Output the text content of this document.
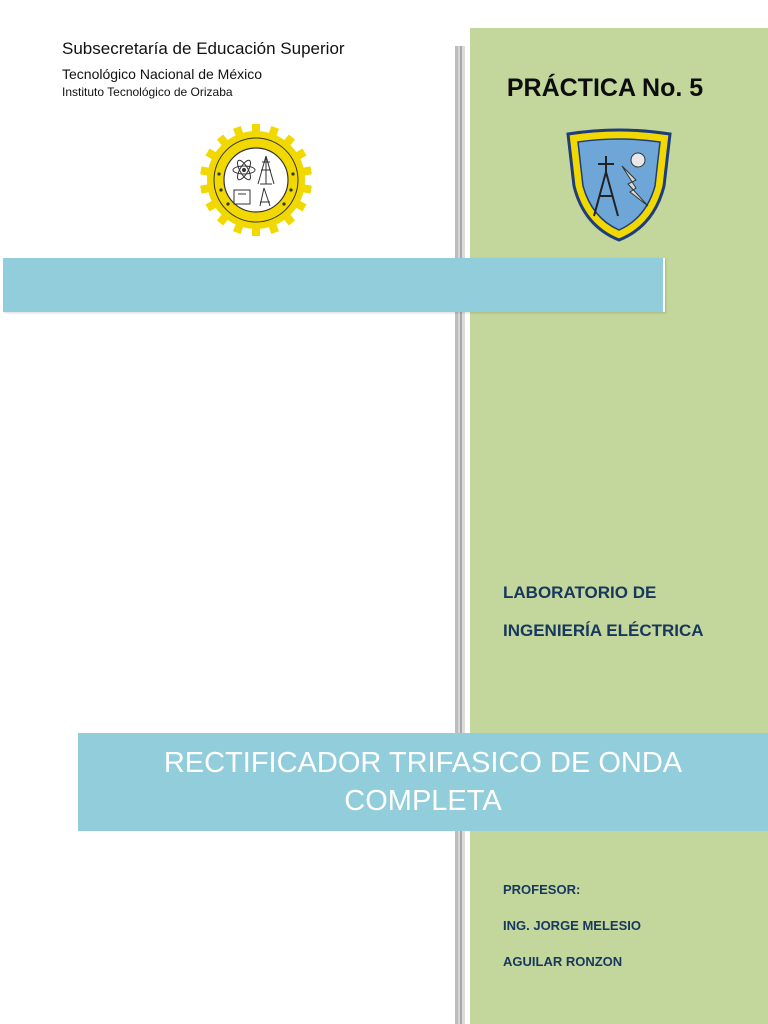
Subsecretaría de Educación Superior
Tecnológico Nacional de México
Instituto Tecnológico de Orizaba	PRÁCTICA No. 5
LABORATORIO DE
INGENIERÍA ELÉCTRICA
RECTIFICADOR TRIFASICO DE ONDA
COMPLETA
PROFESOR:
ING. JORGE MELESIO
AGUILAR RONZON
